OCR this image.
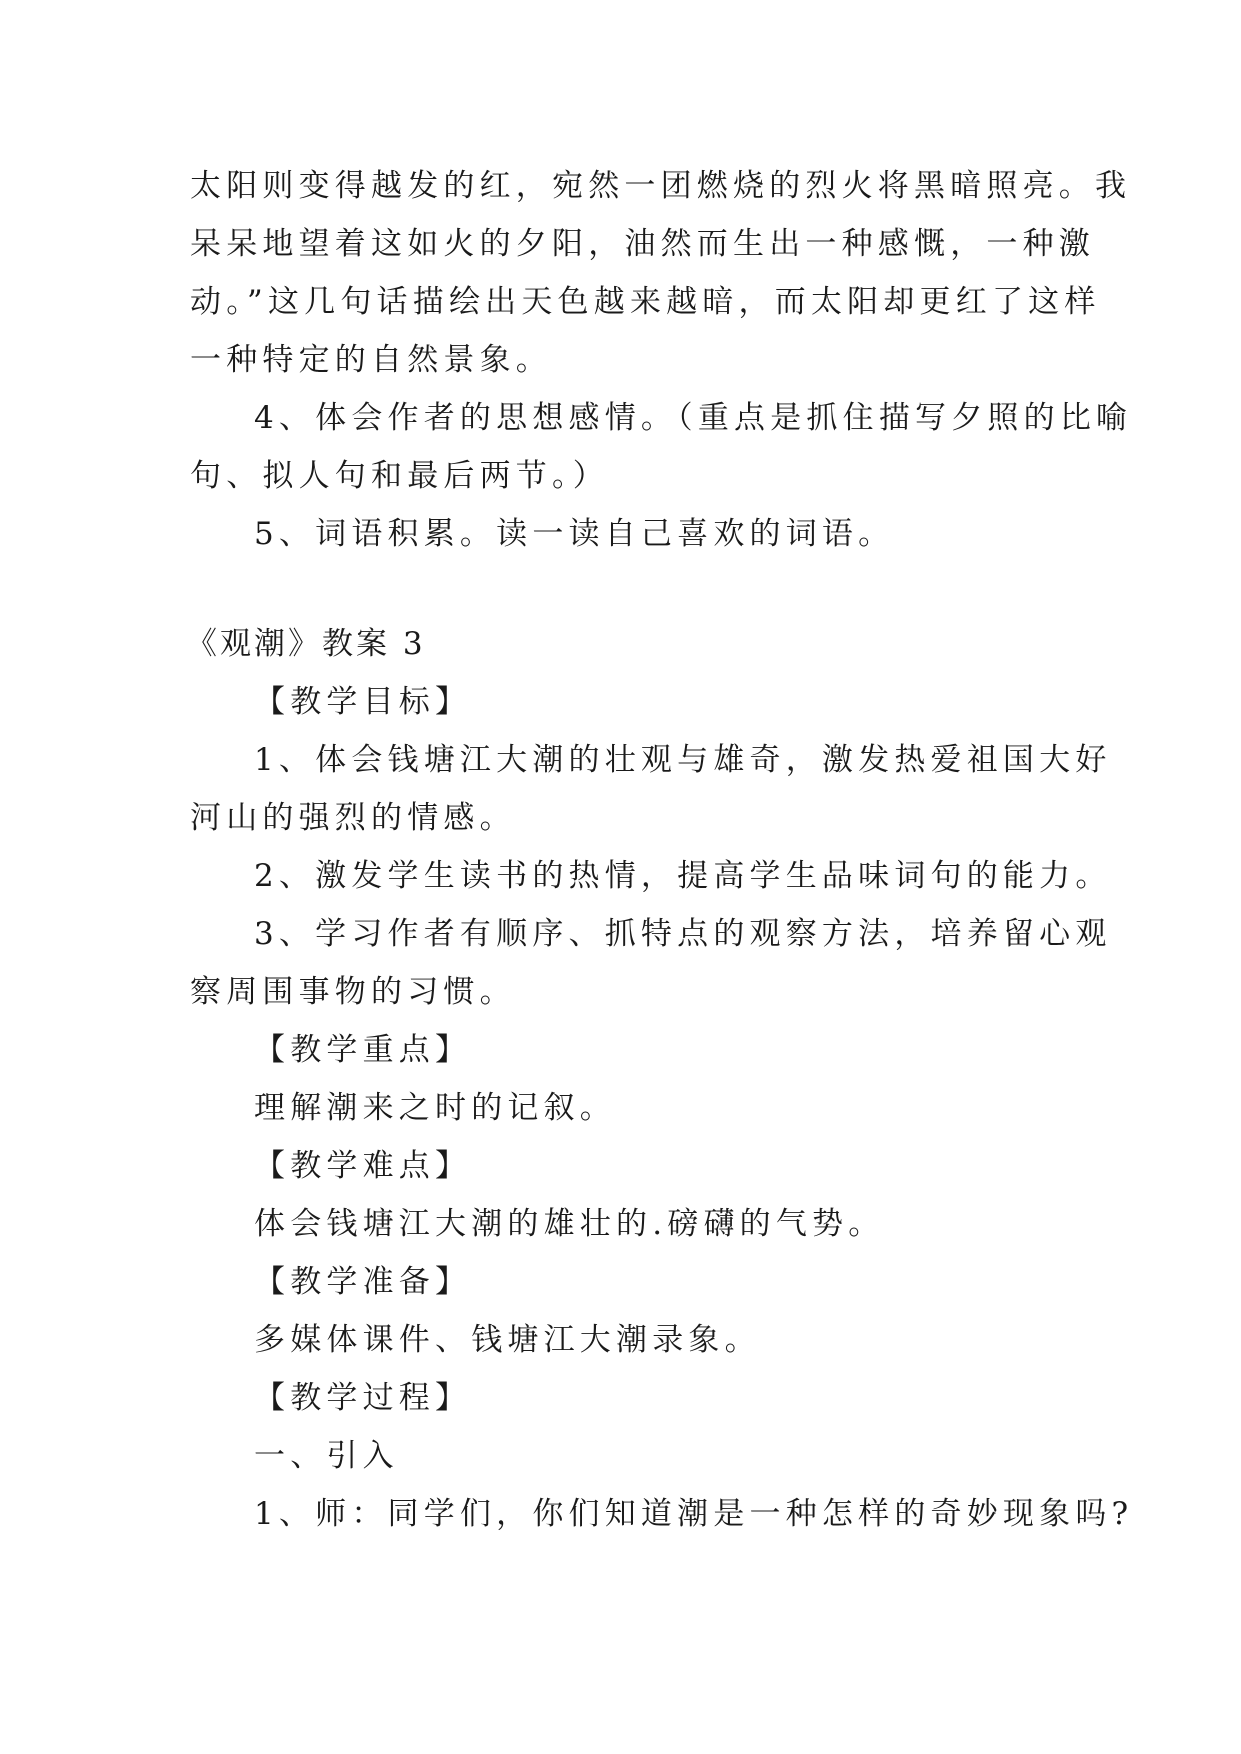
太阳则变得越发的红，宛然一团燃烧的烈火将黑暗照亮。我
呆呆地望着这如火的夕阳，油然而生出一种感慨，一种激
动。”这几句话描绘出天色越来越暗，而太阳却更红了这样
一种特定的自然景象。
4、体会作者的思想感情。（重点是抓住描写夕照的比喻
句、拟人句和最后两节。）
5、词语积累。读一读自己喜欢的词语。
《观潮》教案 3
【教学目标】
1、体会钱塘江大潮的壮观与雄奇，激发热爱祖国大好
河山的强烈的情感。
2、激发学生读书的热情，提高学生品味词句的能力。
3、学习作者有顺序、抓特点的观察方法，培养留心观
察周围事物的习惯。
【教学重点】
理解潮来之时的记叙。
【教学难点】
体会钱塘江大潮的雄壮的.磅礴的气势。
【教学准备】
多媒体课件、钱塘江大潮录象。
【教学过程】
一、引入
1、师：同学们，你们知道潮是一种怎样的奇妙现象吗?
